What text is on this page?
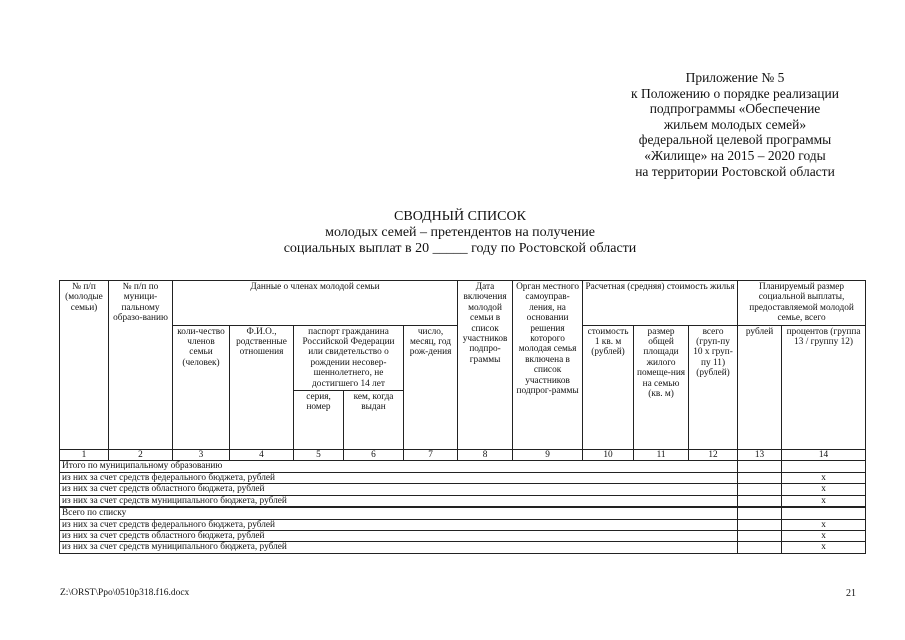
Приложение № 5
к Положению о порядке реализации
подпрограммы «Обеспечение
жильем молодых семей»
федеральной целевой программы
«Жилище» на 2015 – 2020 годы
на территории Ростовской области
СВОДНЫЙ СПИСОК
молодых семей – претендентов на получение
социальных выплат в 20 _____ году по Ростовской области
№ п/п (молодые семьи)	№ п/п по муници-пальному образо-ванию	Данные о членах молодой семьи					Дата включения молодой семьи в список участников подпро-граммы	Орган местного самоуправ-ления, на основании решения которого молодая семья включена в список участников подпрог-раммы	Расчетная (средняя) стоимость жилья			Планируемый размер социальной выплаты, предоставляемой молодой семье, всего	
		коли-чество членов семьи (человек)	Ф.И.О., родственные отношения	паспорт гражданина Российской Федерации или свидетельство о рождении несовер-шеннолетнего, не достигшего 14 лет		число, месяц, год рож-дения			стоимость 1 кв. м (рублей)	размер общей площади жилого помеще-ния на семью (кв. м)	всего (груп-пу 10 х груп-пу 11) (рублей)	рублей	процентов (группа 13 / группу 12)
				серия, номер	кем, когда выдан								
1	2	3	4	5	6	7	8	9	10	11	12	13	14
Итого по муниципальному образованию													
из них за счет средств федерального бюджета, рублей													х
из них за счет средств областного бюджета, рублей													х
из них за счет средств муниципального бюджета, рублей													х
Всего по списку													
из них за счет средств федерального бюджета, рублей													х
из них за счет средств областного бюджета, рублей													х
из них за счет средств муниципального бюджета, рублей													х
Z:\ORST\Ppo\0510p318.f16.docx	21
